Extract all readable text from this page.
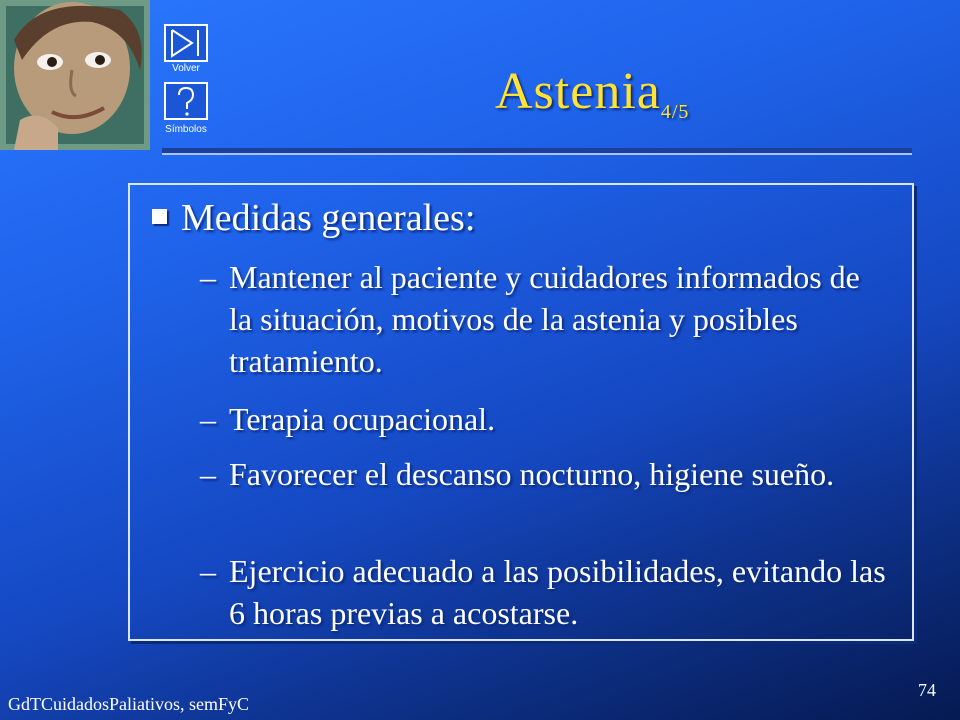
Volver
Símbolos
Astenia$_{4/5}$
Medidas generales:
– Mantener al paciente y cuidadores informados de la situación, motivos de la astenia y posibles tratamiento.
– Terapia ocupacional.
– Favorecer el descanso nocturno, higiene sueño.
– Ejercicio adecuado a las posibilidades, evitando las 6 horas previas a acostarse.
GdTCuidadosPaliativos, semFyC
74
